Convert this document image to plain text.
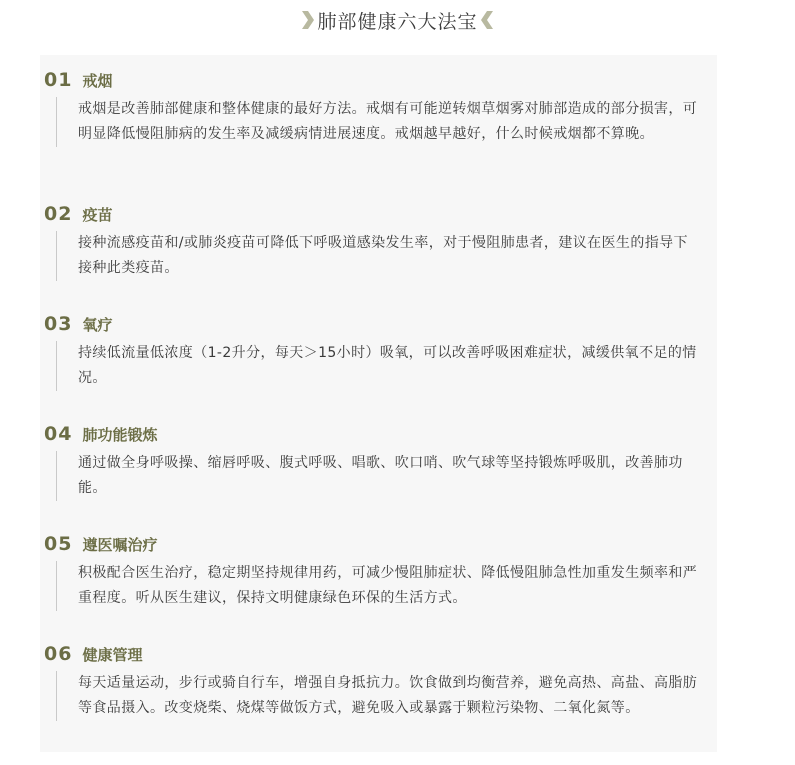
肺部健康六大法宝
01 戒烟

戒烟是改善肺部健康和整体健康的最好方法。戒烟有可能逆转烟草烟雾对肺部造成的部分损害，可明显降低慢阻肺病的发生率及减缓病情进展速度。戒烟越早越好，什么时候戒烟都不算晚。

02 疫苗

接种流感疫苗和/或肺炎疫苗可降低下呼吸道感染发生率，对于慢阻肺患者，建议在医生的指导下接种此类疫苗。

03 氧疗

持续低流量低浓度（1-2升分，每天＞15小时）吸氧，可以改善呼吸困难症状，减缓供氧不足的情况。

04 肺功能锻炼

通过做全身呼吸操、缩唇呼吸、腹式呼吸、唱歌、吹口哨、吹气球等坚持锻炼呼吸肌，改善肺功能。

05 遵医嘱治疗

积极配合医生治疗，稳定期坚持规律用药，可减少慢阻肺症状、降低慢阻肺急性加重发生频率和严重程度。听从医生建议，保持文明健康绿色环保的生活方式。

06 健康管理

每天适量运动，步行或骑自行车，增强自身抵抗力。饮食做到均衡营养，避免高热、高盐、高脂肪等食品摄入。改变烧柴、烧煤等做饭方式，避免吸入或暴露于颗粒污染物、二氧化氮等。
